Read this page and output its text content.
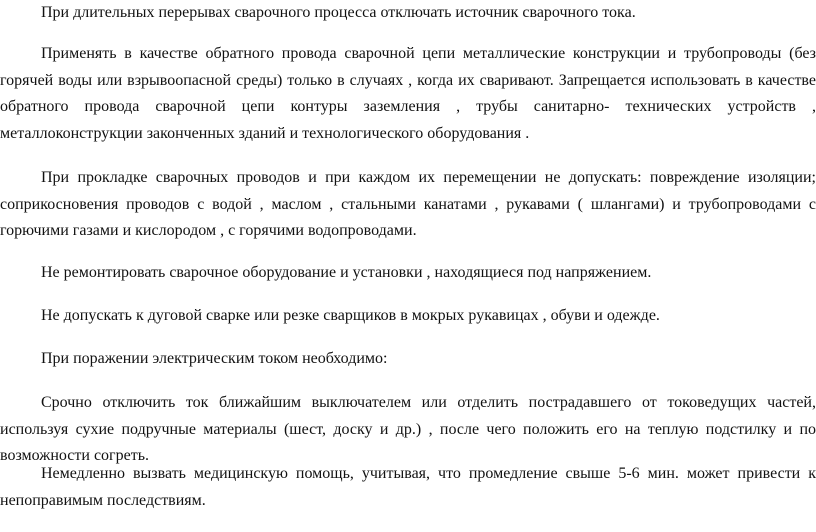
При длительных перерывах сварочного процесса отключать источник сварочного тока.

Применять в качестве обратного провода сварочной цепи металлические конструкции и трубопроводы (без горячей воды или взрывоопасной среды) только в случаях , когда их сваривают. Запрещается использовать в качестве обратного провода сварочной цепи контуры заземления , трубы санитарно- технических устройств , металлоконструкции законченных зданий и технологического оборудования .

При прокладке сварочных проводов и при каждом их перемещении не допускать: повреждение изоляции; соприкосновения проводов с водой , маслом , стальными канатами , рукавами ( шлангами) и трубопроводами с горючими газами и кислородом , с горячими водопроводами.

Не ремонтировать сварочное оборудование и установки , находящиеся под напряжением.

Не допускать к дуговой сварке или резке сварщиков в мокрых рукавицах , обуви и одежде.

При поражении электрическим током необходимо:

Срочно отключить ток ближайшим выключателем или отделить пострадавшего от токоведущих частей, используя сухие подручные материалы (шест, доску и др.) , после чего положить его на теплую подстилку и по возможности согреть.

Немедленно вызвать медицинскую помощь, учитывая, что промедление свыше 5-6 мин. может привести к непоправимым последствиям.
